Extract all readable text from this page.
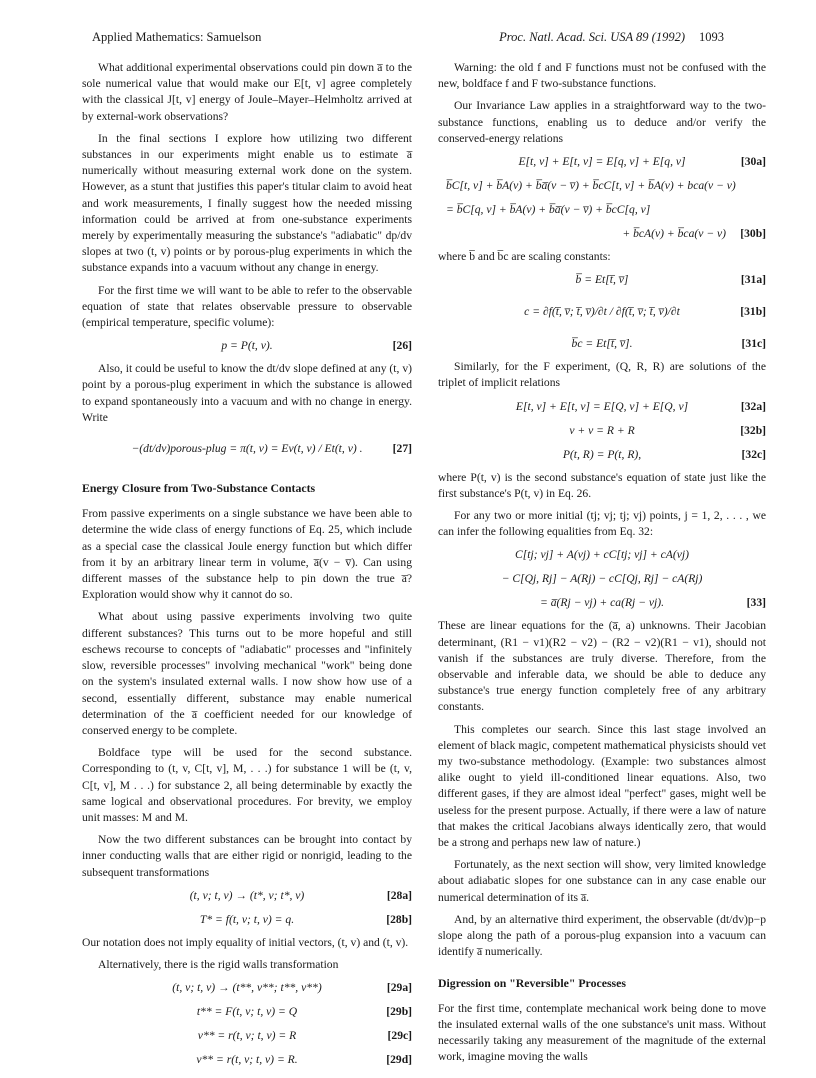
Applied Mathematics: Samuelson	Proc. Natl. Acad. Sci. USA 89 (1992) 1093

What additional experimental observations could pin down a̅ to the sole numerical value that would make our E[t, v] agree completely with the classical J[t, v] energy of Joule–Mayer–Helmholtz arrived at by external-work observations?

In the final sections I explore how utilizing two different substances in our experiments might enable us to estimate a̅ numerically without measuring external work done on the system. However, as a stunt that justifies this paper's titular claim to avoid heat and work measurements, I finally suggest how the needed missing information could be arrived at from one-substance experiments merely by experimentally measuring the substance's "adiabatic" dp/dv slopes at two (t, v) points or by porous-plug experiments in which the substance expands into a vacuum without any change in energy.

For the first time we will want to be able to refer to the observable equation of state that relates observable pressure to observable (empirical temperature, specific volume):

p = P(t, v).	[26]

Also, it could be useful to know the dt/dv slope defined at any (t, v) point by a porous-plug experiment in which the substance is allowed to expand spontaneously into a vacuum and with no change in energy. Write

−(dt/dv)porous-plug = π(t, v) = Ev(t, v) / Et(t, v) .	[27]
Energy Closure from Two-Substance Contacts

From passive experiments on a single substance we have been able to determine the wide class of energy functions of Eq. 25, which include as a special case the classical Joule energy function but which differ from it by an arbitrary linear term in volume, a̅(v − v̅). Can using different masses of the substance help to pin down the true a̅? Exploration would show why it cannot do so.

What about using passive experiments involving two quite different substances? This turns out to be more hopeful and still eschews recourse to concepts of "adiabatic" processes and "infinitely slow, reversible processes" involving mechanical "work" being done on the system's insulated external walls. I now show how use of a second, essentially different, substance may enable numerical determination of the a̅ coefficient needed for our knowledge of conserved energy to be complete.

Boldface type will be used for the second substance. Corresponding to (t, v, C[t, v], M, . . .) for substance 1 will be (t, v, C[t, v], M . . .) for substance 2, all being determinable by exactly the same logical and observational procedures. For brevity, we employ unit masses: M and M.

Now the two different substances can be brought into contact by inner conducting walls that are either rigid or nonrigid, leading to the subsequent transformations

(t, v; t, v) → (t*, v; t*, v)	[28a]
T* = f(t, v; t, v) = q.	[28b]

Our notation does not imply equality of initial vectors, (t, v) and (t, v).

Alternatively, there is the rigid walls transformation

(t, v; t, v) → (t**, v**; t**, v**)	[29a]
t** = F(t, v; t, v) = Q	[29b]
v** = r(t, v; t, v) = R	[29c]
v** = r(t, v; t, v) = R.	[29d]

Warning: the old f and F functions must not be confused with the new, boldface f and F two-substance functions.

Our Invariance Law applies in a straightforward way to the two-substance functions, enabling us to deduce and/or verify the conserved-energy relations

E[t, v] + E[t, v] = E[q, v] + E[q, v]	[30a]
b̅C[t, v] + b̅A(v) + b̅a̅(v − v̅) + b̅cC[t, v] + b̅A(v) + bca(v − v)
= b̅C[q, v] + b̅A(v) + b̅a̅(v − v̅) + b̅cC[q, v]
+ b̅cA(v) + b̅ca(v − v) [30b]

where b̅ and b̅c are scaling constants:

b̅ = Et[t̅, v̅]	[31a]
c = ∂f(t̅, v̅; t̅, v̅)/∂t / ∂f(t̅, v̅; t̅, v̅)/∂t	[31b]
b̅c = Et[t̅, v̅].	[31c]

Similarly, for the F experiment, (Q, R, R) are solutions of the triplet of implicit relations

E[t, v] + E[t, v] = E[Q, v] + E[Q, v]	[32a]
v + v = R + R	[32b]
P(t, R) = P(t, R),	[32c]

where P(t, v) is the second substance's equation of state just like the first substance's P(t, v) in Eq. 26.

For any two or more initial (tj; vj; tj; vj) points, j = 1, 2, . . . , we can infer the following equalities from Eq. 32:

C[tj; vj] + A(vj) + cC[tj; vj] + cA(vj)
− C[Qj, Rj] − A(Rj) − cC[Qj, Rj] − cA(Rj)
= a̅(Rj − vj) + ca(Rj − vj).	[33]

These are linear equations for the (a̅, a) unknowns. Their Jacobian determinant, (R1 − v1)(R2 − v2) − (R2 − v2)(R1 − v1), should not vanish if the substances are truly diverse. Therefore, from the observable and inferable data, we should be able to deduce any substance's true energy function completely free of any arbitrary constants.

This completes our search. Since this last stage involved an element of black magic, competent mathematical physicists should vet my two-substance methodology. (Example: two substances almost alike ought to yield ill-conditioned linear equations. Also, two different gases, if they are almost ideal "perfect" gases, might well be useless for the present purpose. Actually, if there were a law of nature that makes the critical Jacobians always identically zero, that would be a strong and perhaps new law of nature.)

Fortunately, as the next section will show, very limited knowledge about adiabatic slopes for one substance can in any case enable our numerical determination of its a̅.

And, by an alternative third experiment, the observable (dt/dv)p−p slope along the path of a porous-plug expansion into a vacuum can identify a̅ numerically.

Digression on "Reversible" Processes

For the first time, contemplate mechanical work being done to move the insulated external walls of the one substance's unit mass. Without necessarily taking any measurement of the magnitude of the external work, imagine moving the walls
